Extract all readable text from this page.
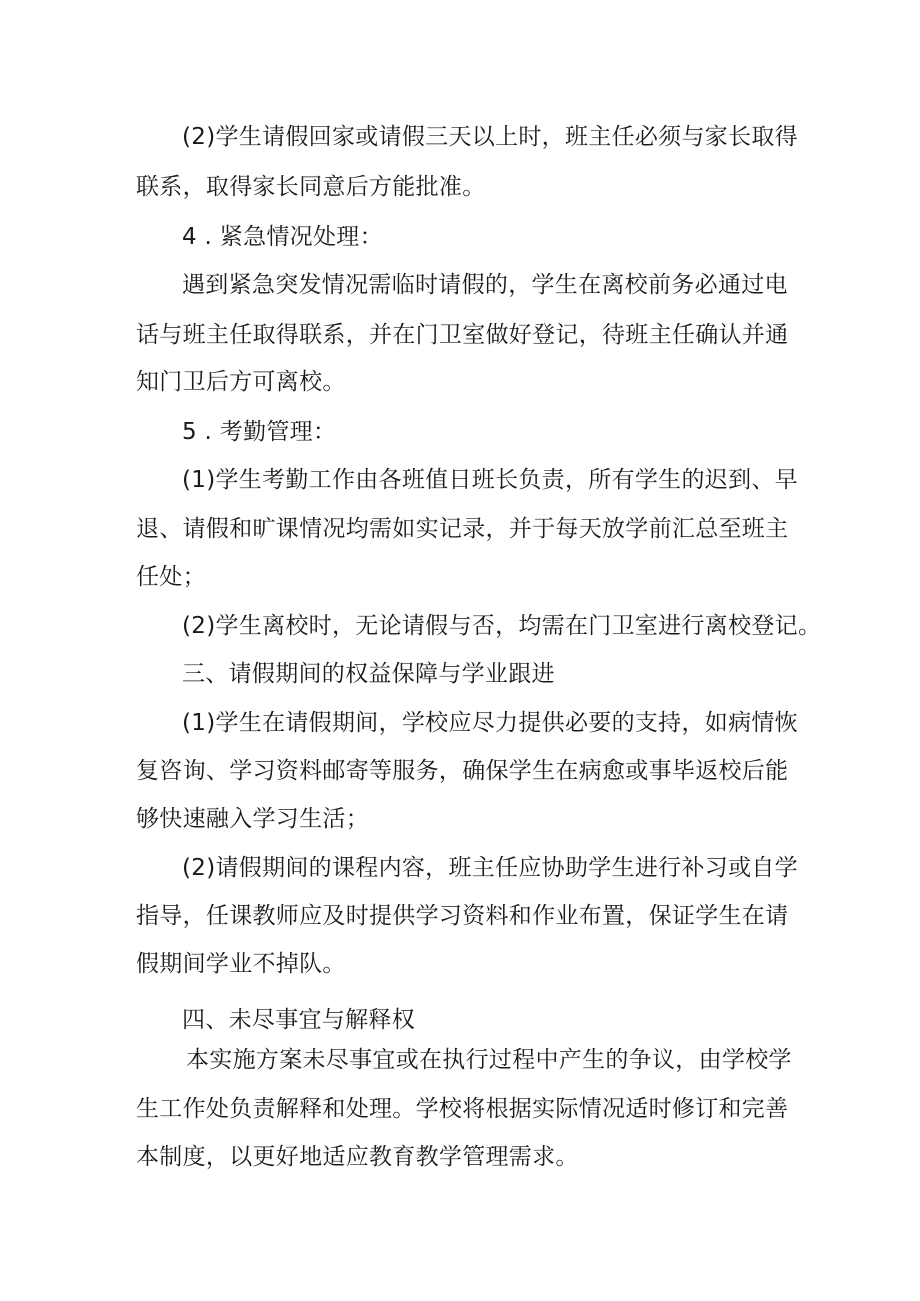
(2)学生请假回家或请假三天以上时，班主任必须与家长取得

联系，取得家长同意后方能批准。

4 . 紧急情况处理：

遇到紧急突发情况需临时请假的，学生在离校前务必通过电

话与班主任取得联系，并在门卫室做好登记，待班主任确认并通

知门卫后方可离校。

5 . 考勤管理：

(1)学生考勤工作由各班值日班长负责，所有学生的迟到、早

退、请假和旷课情况均需如实记录，并于每天放学前汇总至班主

任处；

(2)学生离校时，无论请假与否，均需在门卫室进行离校登记。

三、请假期间的权益保障与学业跟进

(1)学生在请假期间，学校应尽力提供必要的支持，如病情恢

复咨询、学习资料邮寄等服务，确保学生在病愈或事毕返校后能

够快速融入学习生活；

(2)请假期间的课程内容，班主任应协助学生进行补习或自学

指导，任课教师应及时提供学习资料和作业布置，保证学生在请

假期间学业不掉队。

四、未尽事宜与解释权

本实施方案未尽事宜或在执行过程中产生的争议，由学校学

生工作处负责解释和处理。学校将根据实际情况适时修订和完善

本制度，以更好地适应教育教学管理需求。
